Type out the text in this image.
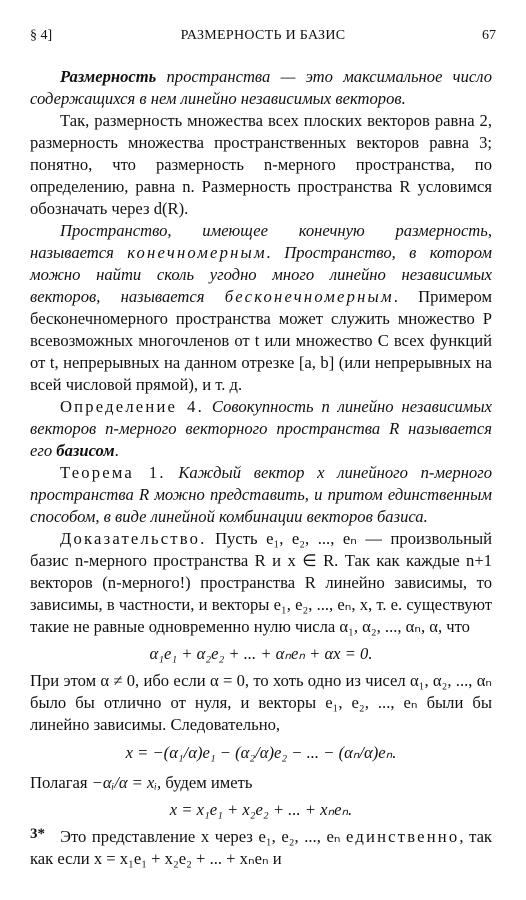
§ 4]	РАЗМЕРНОСТЬ И БАЗИС	67

Размерность пространства — это максимальное число содержащихся в нем линейно независимых векторов.

Так, размерность множества всех плоских векторов равна 2, размерность множества пространственных векторов равна 3; понятно, что размерность n-мерного пространства, по определению, равна n. Размерность пространства R условимся обозначать через d(R).

Пространство, имеющее конечную размерность, называется конечномерным. Пространство, в котором можно найти сколь угодно много линейно независимых векторов, называется бесконечномерным. Примером бесконечномерного пространства может служить множество P всевозможных многочленов от t или множество C всех функций от t, непрерывных на данном отрезке [a, b] (или непрерывных на всей числовой прямой), и т. д.

Определение 4. Совокупность n линейно независимых векторов n-мерного векторного пространства R называется его базисом.

Теорема 1. Каждый вектор x линейного n-мерного пространства R можно представить, и притом единственным способом, в виде линейной комбинации векторов базиса.

Доказательство. Пусть e₁, e₂, ..., eₙ — произвольный базис n-мерного пространства R и x ∈ R. Так как каждые n+1 векторов (n-мерного!) пространства R линейно зависимы, то зависимы, в частности, и векторы e₁, e₂, ..., eₙ, x, т. е. существуют такие не равные одновременно нулю числа α₁, α₂, ..., αₙ, α, что

α₁e₁ + α₂e₂ + ... + αₙeₙ + αx = 0.

При этом α ≠ 0, ибо если α = 0, то хоть одно из чисел α₁, α₂, ..., αₙ было бы отлично от нуля, и векторы e₁, e₂, ..., eₙ были бы линейно зависимы. Следовательно,

x = −(α₁/α)e₁ − (α₂/α)e₂ − ... − (αₙ/α)eₙ.

Полагая −αᵢ/α = xᵢ, будем иметь

x = x₁e₁ + x₂e₂ + ... + xₙeₙ.

Это представление x через e₁, e₂, ..., eₙ единственно, так как если x = x₁e₁ + x₂e₂ + ... + xₙeₙ и

3*
